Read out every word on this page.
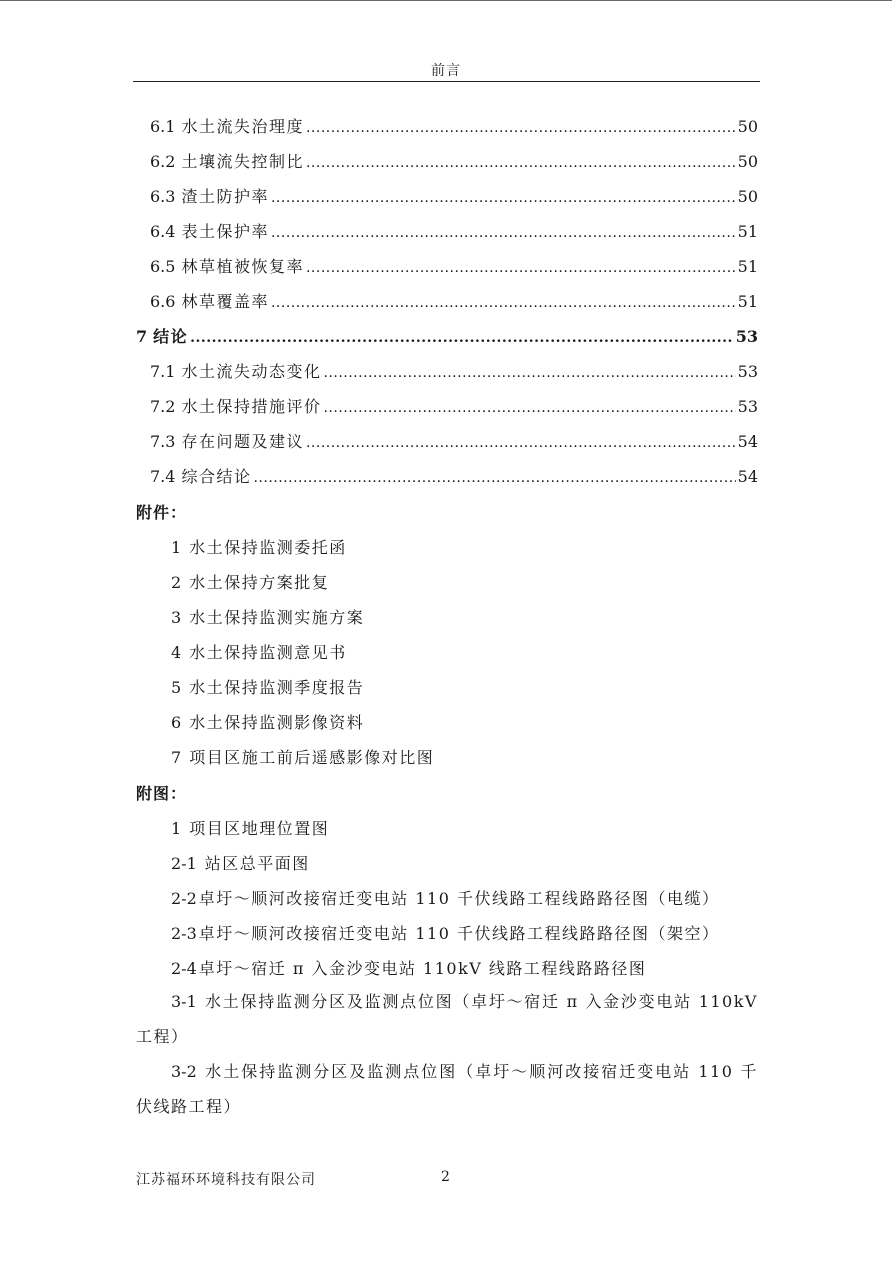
前言
6.1 水土流失治理度 .....	50
6.2 土壤流失控制比 .....	50
6.3 渣土防护率 .....	50
6.4 表土保护率 .....	51
6.5 林草植被恢复率 .....	51
6.6 林草覆盖率 .....	51
7 结论 .....	53
7.1 水土流失动态变化 .....	53
7.2 水土保持措施评价 .....	53
7.3 存在问题及建议 .....	54
7.4 综合结论 .....	54
附件：
1 水土保持监测委托函
2 水土保持方案批复
3 水土保持监测实施方案
4 水土保持监测意见书
5 水土保持监测季度报告
6 水土保持监测影像资料
7 项目区施工前后遥感影像对比图
附图：
1 项目区地理位置图
2-1 站区总平面图
2-2 卓圩～顺河改接宿迁变电站 110 千伏线路工程线路路径图（电缆）
2-3 卓圩～顺河改接宿迁变电站 110 千伏线路工程线路路径图（架空）
2-4 卓圩～宿迁 π 入金沙变电站 110kV 线路工程线路路径图
3-1 水土保持监测分区及监测点位图（卓圩～宿迁 π 入金沙变电站 110kV 工程）
3-2 水土保持监测分区及监测点位图（卓圩～顺河改接宿迁变电站 110 千伏线路工程）
江苏福环环境科技有限公司	2
